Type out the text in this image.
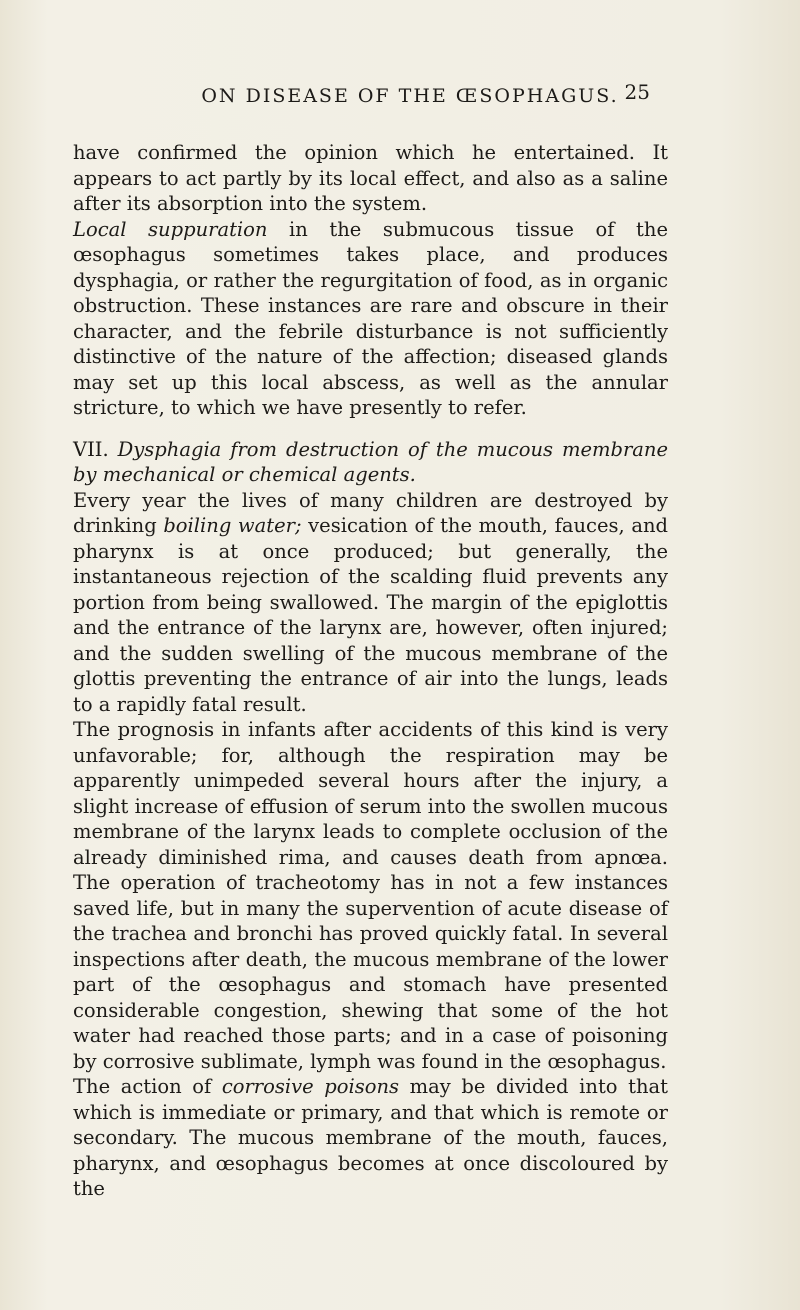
ON DISEASE OF THE ŒSOPHAGUS. 25

have confirmed the opinion which he entertained. It appears to act partly by its local effect, and also as a saline after its absorption into the system.

Local suppuration in the submucous tissue of the œsophagus sometimes takes place, and produces dysphagia, or rather the regurgitation of food, as in organic obstruction. These instances are rare and obscure in their character, and the febrile disturbance is not sufficiently distinctive of the nature of the affection; diseased glands may set up this local abscess, as well as the annular stricture, to which we have presently to refer.

VII. Dysphagia from destruction of the mucous membrane by mechanical or chemical agents.

Every year the lives of many children are destroyed by drinking boiling water; vesication of the mouth, fauces, and pharynx is at once produced; but generally, the instantaneous rejection of the scalding fluid prevents any portion from being swallowed. The margin of the epiglottis and the entrance of the larynx are, however, often injured; and the sudden swelling of the mucous membrane of the glottis preventing the entrance of air into the lungs, leads to a rapidly fatal result.

The prognosis in infants after accidents of this kind is very unfavorable; for, although the respiration may be apparently unimpeded several hours after the injury, a slight increase of effusion of serum into the swollen mucous membrane of the larynx leads to complete occlusion of the already diminished rima, and causes death from apnœa. The operation of tracheotomy has in not a few instances saved life, but in many the supervention of acute disease of the trachea and bronchi has proved quickly fatal. In several inspections after death, the mucous membrane of the lower part of the œsophagus and stomach have presented considerable congestion, shewing that some of the hot water had reached those parts; and in a case of poisoning by corrosive sublimate, lymph was found in the œsophagus.

The action of corrosive poisons may be divided into that which is immediate or primary, and that which is remote or secondary. The mucous membrane of the mouth, fauces, pharynx, and œsophagus becomes at once discoloured by the
